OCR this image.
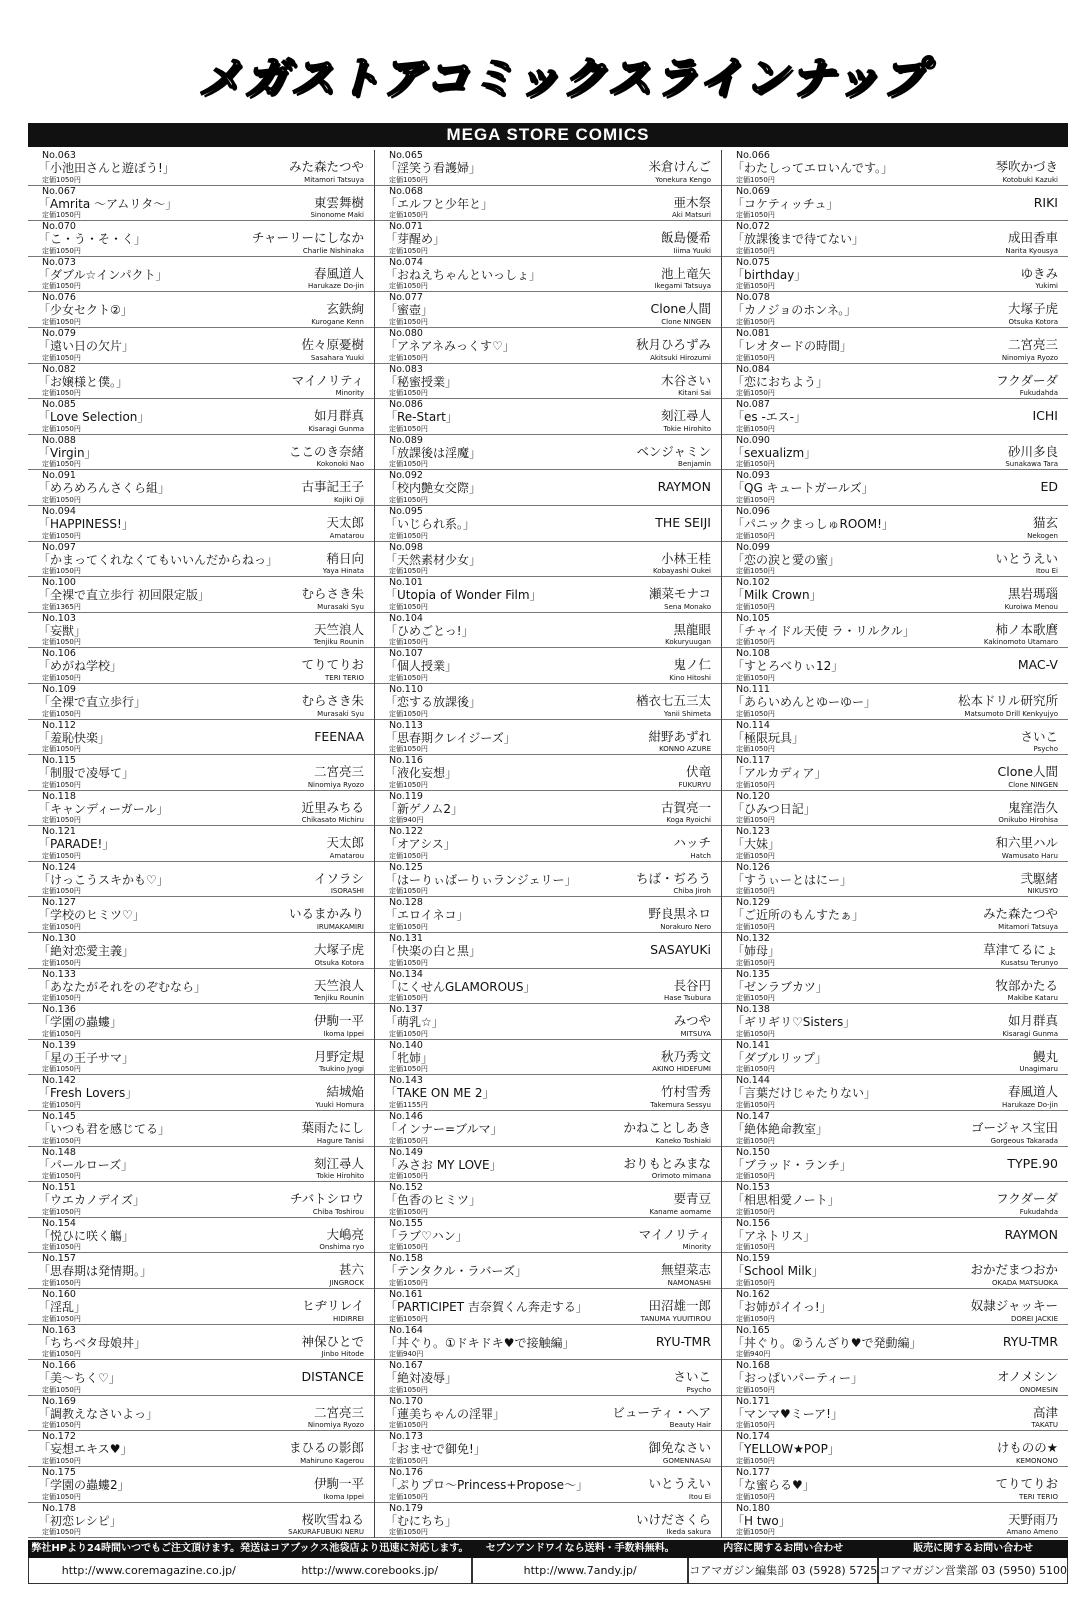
メガストアコミックスラインナップ
MEGA STORE COMICS
No.063
「小池田さんと遊ぼう!」
定価1050円
みた森たつや
Mitamori Tatsuya
No.067
「Amrita ～アムリタ～」
定価1050円
東雲舞樹
Sinonome Maki
No.070
「こ・う・そ・く」
定価1050円
チャーリーにしなか
Charlie Nishinaka
No.073
「ダブル☆インパクト」
定価1050円
春風道人
Harukaze Do-jin
No.076
「少女セクト②」
定価1050円
玄鉄絢
Kurogane Kenn
No.079
「遠い日の欠片」
定価1050円
佐々原憂樹
Sasahara Yuuki
No.082
「お嬢様と僕。」
定価1050円
マイノリティ
Minority
No.085
「Love Selection」
定価1050円
如月群真
Kisaragi Gunma
No.088
「Virgin」
定価1050円
ここのき奈緒
Kokonoki Nao
No.091
「めろめろんさくら組」
定価1050円
古事記王子
Kojiki Oji
No.094
「HAPPINESS!」
定価1050円
天太郎
Amatarou
No.097
「かまってくれなくてもいいんだからねっ」
定価1050円
稍日向
Yaya Hinata
No.100
「全裸で直立歩行 初回限定版」
定価1365円
むらさき朱
Murasaki Syu
No.103
「妄獣」
定価1050円
天竺浪人
Tenjiku Rounin
No.106
「めがね学校」
定価1050円
てりてりお
TERI TERIO
No.109
「全裸で直立歩行」
定価1050円
むらさき朱
Murasaki Syu
No.112
「羞恥快楽」
定価1050円
FEENAA
No.115
「制服で凌辱て」
定価1050円
二宮亮三
Ninomiya Ryozo
No.118
「キャンディーガール」
定価1050円
近里みちる
Chikasato Michiru
No.121
「PARADE!」
定価1050円
天太郎
Amatarou
No.124
「けっこうスキかも♡」
定価1050円
イソラシ
ISORASHI
No.127
「学校のヒミツ♡」
定価1050円
いるまかみり
IRUMAKAMIRI
No.130
「絶対恋愛主義」
定価1050円
大塚子虎
Otsuka Kotora
No.133
「あなたがそれをのぞむなら」
定価1050円
天竺浪人
Tenjiku Rounin
No.136
「学園の蟲螻」
定価1050円
伊駒一平
Ikoma Ippei
No.139
「星の王子サマ」
定価1050円
月野定規
Tsukino Jyogi
No.142
「Fresh Lovers」
定価1050円
結城焔
Yuuki Homura
No.145
「いつも君を感じてる」
定価1050円
葉雨たにし
Hagure Tanisi
No.148
「パールローズ」
定価1050円
刻江尋人
Tokie Hirohito
No.151
「ウエカノデイズ」
定価1050円
チバトシロウ
Chiba Toshirou
No.154
「悦ひに咲く觴」
定価1050円
大嶋亮
Onshima ryo
No.157
「思春期は発情期。」
定価1050円
甚六
JINGROCK
No.160
「淫乱」
定価1050円
ヒヂリレイ
HIDIRREI
No.163
「ちちベタ母娘丼」
定価1050円
神保ひとで
Jinbo Hitode
No.166
「美～ちく♡」
定価1050円
DISTANCE
No.169
「調教えなさいよっ」
定価1050円
二宮亮三
Ninomiya Ryozo
No.172
「妄想エキス♥」
定価1050円
まひるの影郎
Mahiruno Kagerou
No.175
「学園の蟲螻2」
定価1050円
伊駒一平
Ikoma Ippei
No.178
「初恋レシピ」
定価1050円
桜吹雪ねる
SAKURAFUBUKI NERU
No.065
「淫笑う看護婦」
定価1050円
米倉けんご
Yonekura Kengo
No.068
「エルフと少年と」
定価1050円
亜木祭
Aki Matsuri
No.071
「芽醒め」
定価1050円
飯島優希
Iiima Yuuki
No.074
「おねえちゃんといっしょ」
定価1050円
池上竜矢
Ikegami Tatsuya
No.077
「蜜壺」
定価1050円
Clone人間
Clone NINGEN
No.080
「アネアネみっくす♡」
定価1050円
秋月ひろずみ
Akitsuki Hirozumi
No.083
「秘蜜授業」
定価1050円
木谷さい
Kitani Sai
No.086
「Re-Start」
定価1050円
刻江尋人
Tokie Hirohito
No.089
「放課後は淫魔」
定価1050円
ベンジャミン
Benjamin
No.092
「校内艶女交際」
定価1050円
RAYMON
No.095
「いじられ系。」
定価1050円
THE SEIJI
No.098
「天然素材少女」
定価1050円
小林王桂
Kobayashi Oukei
No.101
「Utopia of Wonder Film」
定価1050円
瀬菜モナコ
Sena Monako
No.104
「ひめごとっ!」
定価1050円
黒龍眼
Kokuryuugan
No.107
「個人授業」
定価1050円
鬼ノ仁
Kino Hitoshi
No.110
「恋する放課後」
定価1050円
楢衣七五三太
Yanii Shimeta
No.113
「思春期クレイジーズ」
定価1050円
紺野あずれ
KONNO AZURE
No.116
「液化妄想」
定価1050円
伏竜
FUKURYU
No.119
「新ゲノム2」
定価940円
古賀亮一
Koga Ryoichi
No.122
「オアシス」
定価1050円
ハッチ
Hatch
No.125
「はーりぃばーりぃランジェリー」
定価1050円
ちば・ぢろう
Chiba Jiroh
No.128
「エロイネコ」
定価1050円
野良黒ネロ
Norakuro Nero
No.131
「快楽の白と黒」
定価1050円
SASAYUKi
No.134
「にくせんGLAMOROUS」
定価1050円
長谷円
Hase Tsubura
No.137
「萌乳☆」
定価1050円
みつや
MITSUYA
No.140
「牝姉」
定価1050円
秋乃秀文
AKINO HIDEFUMI
No.143
「TAKE ON ME 2」
定価1155円
竹村雪秀
Takemura Sessyu
No.146
「インナー=ブルマ」
定価1050円
かねことしあき
Kaneko Toshiaki
No.149
「みさお MY LOVE」
定価1050円
おりもとみまな
Orimoto mimana
No.152
「色香のヒミツ」
定価1050円
要青豆
Kaname aomame
No.155
「ラブ♡ハン」
定価1050円
マイノリティ
Minority
No.158
「テンタクル・ラバーズ」
定価1050円
無望菜志
NAMONASHI
No.161
「PARTICIPET 吉奈賀くん奔走する」
定価1050円
田沼雄一郎
TANUMA YUUITIROU
No.164
「丼ぐり。①ドキドキ♥で接触編」
定価940円
RYU-TMR
No.167
「絶対凌辱」
定価1050円
さいこ
Psycho
No.170
「蓮美ちゃんの淫罪」
定価1050円
ビューティ・ヘア
Beauty Hair
No.173
「おませで御免!」
定価1050円
御免なさい
GOMENNASAI
No.176
「ぷりプロ～Princess+Propose～」
定価1050円
いとうえい
Itou Ei
No.179
「むにちち」
定価1050円
いけださくら
Ikeda sakura
No.066
「わたしってエロいんです。」
定価1050円
琴吹かづき
Kotobuki Kazuki
No.069
「コケティッチュ」
定価1050円
RIKI
No.072
「放課後まで待てない」
定価1050円
成田香車
Narita Kyousya
No.075
「birthday」
定価1050円
ゆきみ
Yukimi
No.078
「カノジョのホンネ。」
定価1050円
大塚子虎
Otsuka Kotora
No.081
「レオタードの時間」
定価1050円
二宮亮三
Ninomiya Ryozo
No.084
「恋におちよう」
定価1050円
フクダーダ
Fukudahda
No.087
「es -エス-」
定価1050円
ICHI
No.090
「sexualizm」
定価1050円
砂川多良
Sunakawa Tara
No.093
「QG キュートガールズ」
定価1050円
ED
No.096
「パニックまっしゅROOM!」
定価1050円
猫玄
Nekogen
No.099
「恋の涙と愛の蜜」
定価1050円
いとうえい
Itou Ei
No.102
「Milk Crown」
定価1050円
黒岩瑪瑙
Kuroiwa Menou
No.105
「チャイドル天使 ラ・リルクル」
定価1050円
柿ノ本歌麿
Kakinomoto Utamaro
No.108
「すとろべりぃ12」
定価1050円
MAC-V
No.111
「あらいめんとゆーゆー」
定価1050円
松本ドリル研究所
Matsumoto Drill Kenkyujyo
No.114
「極限玩具」
定価1050円
さいこ
Psycho
No.117
「アルカディア」
定価1050円
Clone人間
Clone NINGEN
No.120
「ひみつ日記」
定価1050円
鬼窪浩久
Onikubo Hirohisa
No.123
「大妹」
定価1050円
和六里ハル
Wamusato Haru
No.126
「すうぃーとはにー」
定価1050円
弐駆緒
NIKUSYO
No.129
「ご近所のもんすたぁ」
定価1050円
みた森たつや
Mitamori Tatsuya
No.132
「姉母」
定価1050円
草津てるにょ
Kusatsu Terunyo
No.135
「ゼンラブカツ」
定価1050円
牧部かたる
Makibe Kataru
No.138
「ギリギリ♡Sisters」
定価1050円
如月群真
Kisaragi Gunma
No.141
「ダブルリップ」
定価1050円
鰻丸
Unagimaru
No.144
「言葉だけじゃたりない」
定価1050円
春風道人
Harukaze Do-jin
No.147
「絶体絶命教室」
定価1050円
ゴージャス宝田
Gorgeous Takarada
No.150
「ブラッド・ランチ」
定価1050円
TYPE.90
No.153
「相思相愛ノート」
定価1050円
フクダーダ
Fukudahda
No.156
「アネトリス」
定価1050円
RAYMON
No.159
「School Milk」
定価1050円
おかだまつおか
OKADA MATSUOKA
No.162
「お姉がイイっ!」
定価1050円
奴隷ジャッキー
DOREI JACKIE
No.165
「丼ぐり。②うんざり♥で発動編」
定価940円
RYU-TMR
No.168
「おっぱいパーティー」
定価1050円
オノメシン
ONOMESIN
No.171
「マンマ♥ミーア!」
定価1050円
高津
TAKATU
No.174
「YELLOW★POP」
定価1050円
けものの★
KEMONONO
No.177
「な蜜らる♥」
定価1050円
てりてりお
TERI TERIO
No.180
「H two」
定価1050円
天野雨乃
Amano Ameno
弊社HPより24時間いつでもご注文頂けます。発送はコアブックス池袋店より迅速に対応します。
http://www.coremagazine.co.jp/	http://www.corebooks.jp/
セブンアンドワイなら送料・手数料無料。
http://www.7andy.jp/
内容に関するお問い合わせ
コアマガジン編集部 03 (5928) 5725
販売に関するお問い合わせ
コアマガジン営業部 03 (5950) 5100
